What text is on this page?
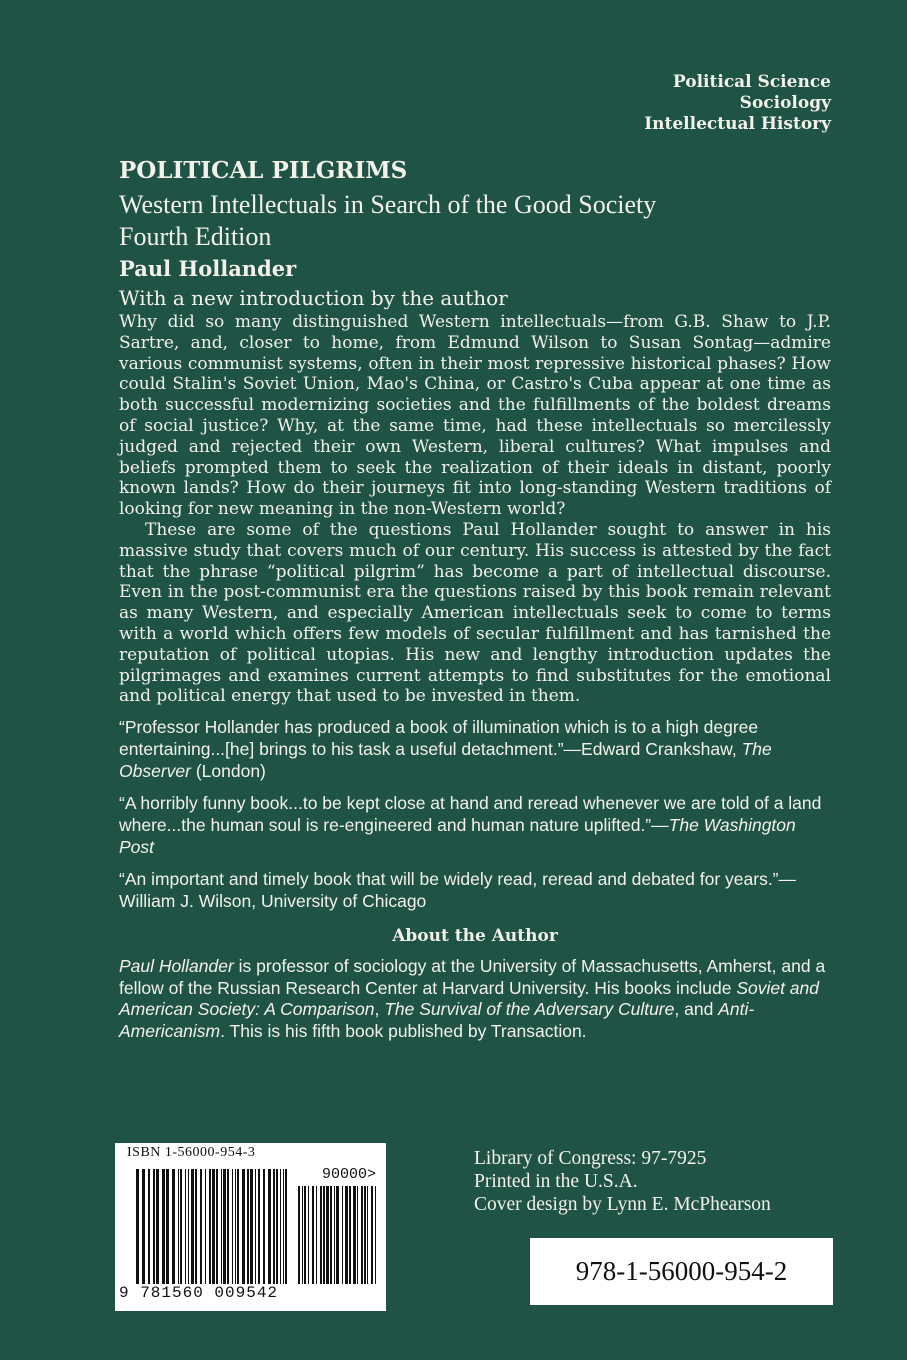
Political Science
Sociology
Intellectual History
POLITICAL PILGRIMS
Western Intellectuals in Search of the Good Society
Fourth Edition
Paul Hollander
With a new introduction by the author

Why did so many distinguished Western intellectuals—from G.B. Shaw to J.P. Sartre, and, closer to home, from Edmund Wilson to Susan Sontag—admire various communist systems, often in their most repressive historical phases? How could Stalin's Soviet Union, Mao's China, or Castro's Cuba appear at one time as both successful modernizing societies and the fulfillments of the boldest dreams of social justice? Why, at the same time, had these intellectuals so mercilessly judged and rejected their own Western, liberal cultures? What impulses and beliefs prompted them to seek the realization of their ideals in distant, poorly known lands? How do their journeys fit into long-standing Western traditions of looking for new meaning in the non-Western world?

These are some of the questions Paul Hollander sought to answer in his massive study that covers much of our century. His success is attested by the fact that the phrase “political pilgrim” has become a part of intellectual discourse. Even in the post-communist era the questions raised by this book remain relevant as many Western, and especially American intellectuals seek to come to terms with a world which offers few models of secular fulfillment and has tarnished the reputation of political utopias. His new and lengthy introduction updates the pilgrimages and examines current attempts to find substitutes for the emotional and political energy that used to be invested in them.

“Professor Hollander has produced a book of illumination which is to a high degree entertaining...[he] brings to his task a useful detachment.”—Edward Crankshaw, The Observer (London)

“A horribly funny book...to be kept close at hand and reread whenever we are told of a land where...the human soul is re-engineered and human nature uplifted.”—The Washington Post

“An important and timely book that will be widely read, reread and debated for years.”—William J. Wilson, University of Chicago

About the Author

Paul Hollander is professor of sociology at the University of Massachusetts, Amherst, and a fellow of the Russian Research Center at Harvard University. His books include Soviet and American Society: A Comparison, The Survival of the Adversary Culture, and Anti-Americanism. This is his fifth book published by Transaction.

ISBN 1-56000-954-3
90000>
9 781560 009542
Library of Congress: 97-7925
Printed in the U.S.A.
Cover design by Lynn E. McPhearson
978-1-56000-954-2
